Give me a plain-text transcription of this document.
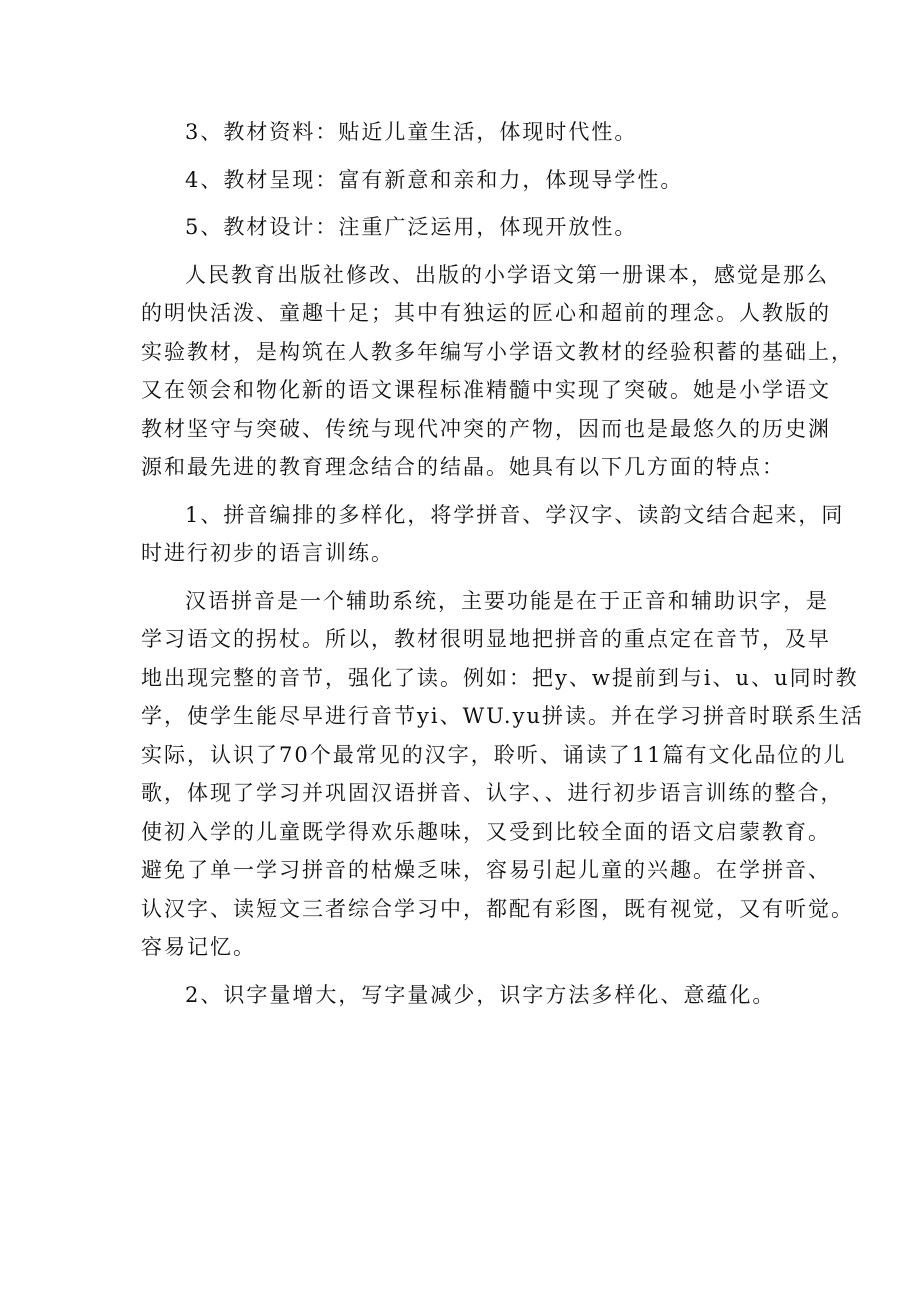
3、教材资料：贴近儿童生活，体现时代性。

4、教材呈现：富有新意和亲和力，体现导学性。

5、教材设计：注重广泛运用，体现开放性。

人民教育出版社修改、出版的小学语文第一册课本，感觉是那么
的明快活泼、童趣十足；其中有独运的匠心和超前的理念。人教版的
实验教材，是构筑在人教多年编写小学语文教材的经验积蓄的基础上，
又在领会和物化新的语文课程标准精髓中实现了突破。她是小学语文
教材坚守与突破、传统与现代冲突的产物，因而也是最悠久的历史渊
源和最先进的教育理念结合的结晶。她具有以下几方面的特点：

1、拼音编排的多样化，将学拼音、学汉字、读韵文结合起来，同
时进行初步的语言训练。

汉语拼音是一个辅助系统，主要功能是在于正音和辅助识字，是
学习语文的拐杖。所以，教材很明显地把拼音的重点定在音节，及早
地出现完整的音节，强化了读。例如：把y、w提前到与i、u、u同时教
学，使学生能尽早进行音节yi、WU.yu拼读。并在学习拼音时联系生活
实际，认识了70个最常见的汉字，聆听、诵读了11篇有文化品位的儿
歌，体现了学习并巩固汉语拼音、认字、、进行初步语言训练的整合，
使初入学的儿童既学得欢乐趣味，又受到比较全面的语文启蒙教育。
避免了单一学习拼音的枯燥乏味，容易引起儿童的兴趣。在学拼音、
认汉字、读短文三者综合学习中，都配有彩图，既有视觉，又有听觉。
容易记忆。

2、识字量增大，写字量减少，识字方法多样化、意蕴化。
